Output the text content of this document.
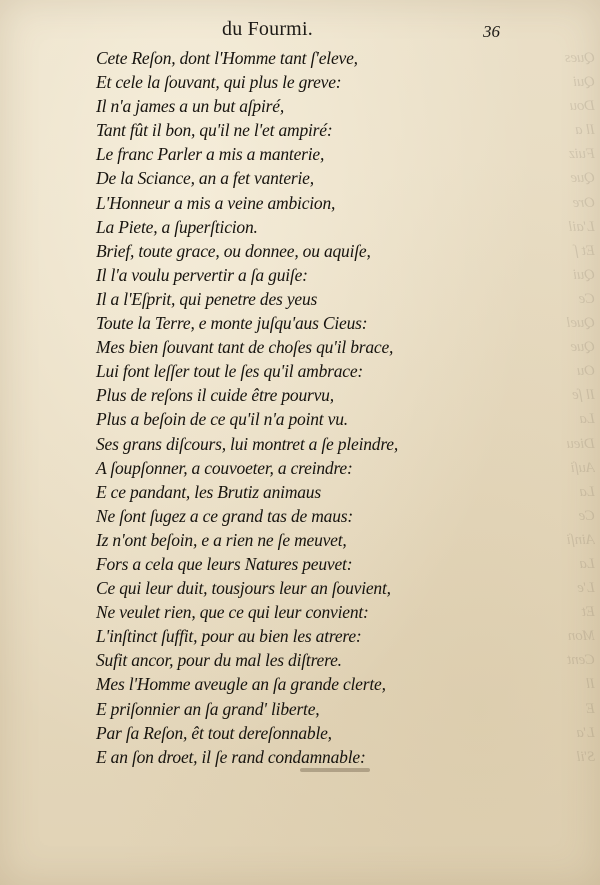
du Fourmi.	36
Ques
Qui
Dou
Il a
Fuiz
Que
Ore
L'ail
Et ſ
Qui
Ce
Quel
Que
Ou
Il ſe
La
Dieu
Auſi
La
Ce
Ainſi
La
L'e
Et
Mon
Cent
Il
E
L'a
S'il
Cete Reſon, dont l'Homme tant ſ'eleve,
Et cele la ſouvant, qui plus le greve:
Il n'a james a un but aſpiré,
Tant fût il bon, qu'il ne l'et ampiré:
Le franc Parler a mis a manterie,
De la Sciance, an a fet vanterie,
L'Honneur a mis a veine ambicion,
La Piete, a ſuperſticion.
Brief, toute grace, ou donnee, ou aquiſe,
Il l'a voulu pervertir a ſa guiſe:
Il a l'Eſprit, qui penetre des yeus
Toute la Terre, e monte juſqu'aus Cieus:
Mes bien ſouvant tant de choſes qu'il brace,
Lui font leſſer tout le ſes qu'il ambrace:
Plus de reſons il cuide être pourvu,
Plus a beſoin de ce qu'il n'a point vu.
Ses grans diſcours, lui montret a ſe pleindre,
A ſoupſonner, a couvoeter, a creindre:
E ce pandant, les Brutiz animaus
Ne ſont ſugez a ce grand tas de maus:
Iz n'ont beſoin, e a rien ne ſe meuvet,
Fors a cela que leurs Natures peuvet:
Ce qui leur duit, tousjours leur an ſouvient,
Ne veulet rien, que ce qui leur convient:
L'inſtinct ſuffit, pour au bien les atrere:
Sufit ancor, pour du mal les diſtrere.
Mes l'Homme aveugle an ſa grande clerte,
E priſonnier an ſa grand' liberte,
Par ſa Reſon, êt tout dereſonnable,
E an ſon droet, il ſe rand condamnable:
